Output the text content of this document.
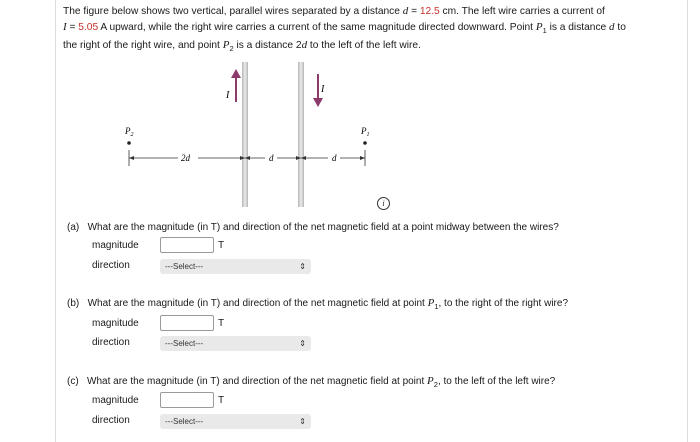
The figure below shows two vertical, parallel wires separated by a distance d = 12.5 cm. The left wire carries a current of
I = 5.05 A upward, while the right wire carries a current of the same magnitude directed downward. Point $P_1$ is a distance d to
the right of the right wire, and point $P_2$ is a distance 2d to the left of the left wire.
I
I
$P_2$	$P_1$
2d	d	d
i
(a) What are the magnitude (in T) and direction of the net magnetic field at a point midway between the wires?
magnitude	T
direction	---Select---	⇕
(b) What are the magnitude (in T) and direction of the net magnetic field at point $P_1$, to the right of the right wire?
magnitude	T
direction	---Select---	⇕
(c) What are the magnitude (in T) and direction of the net magnetic field at point $P_2$, to the left of the left wire?
magnitude	T
direction	---Select---	⇕
